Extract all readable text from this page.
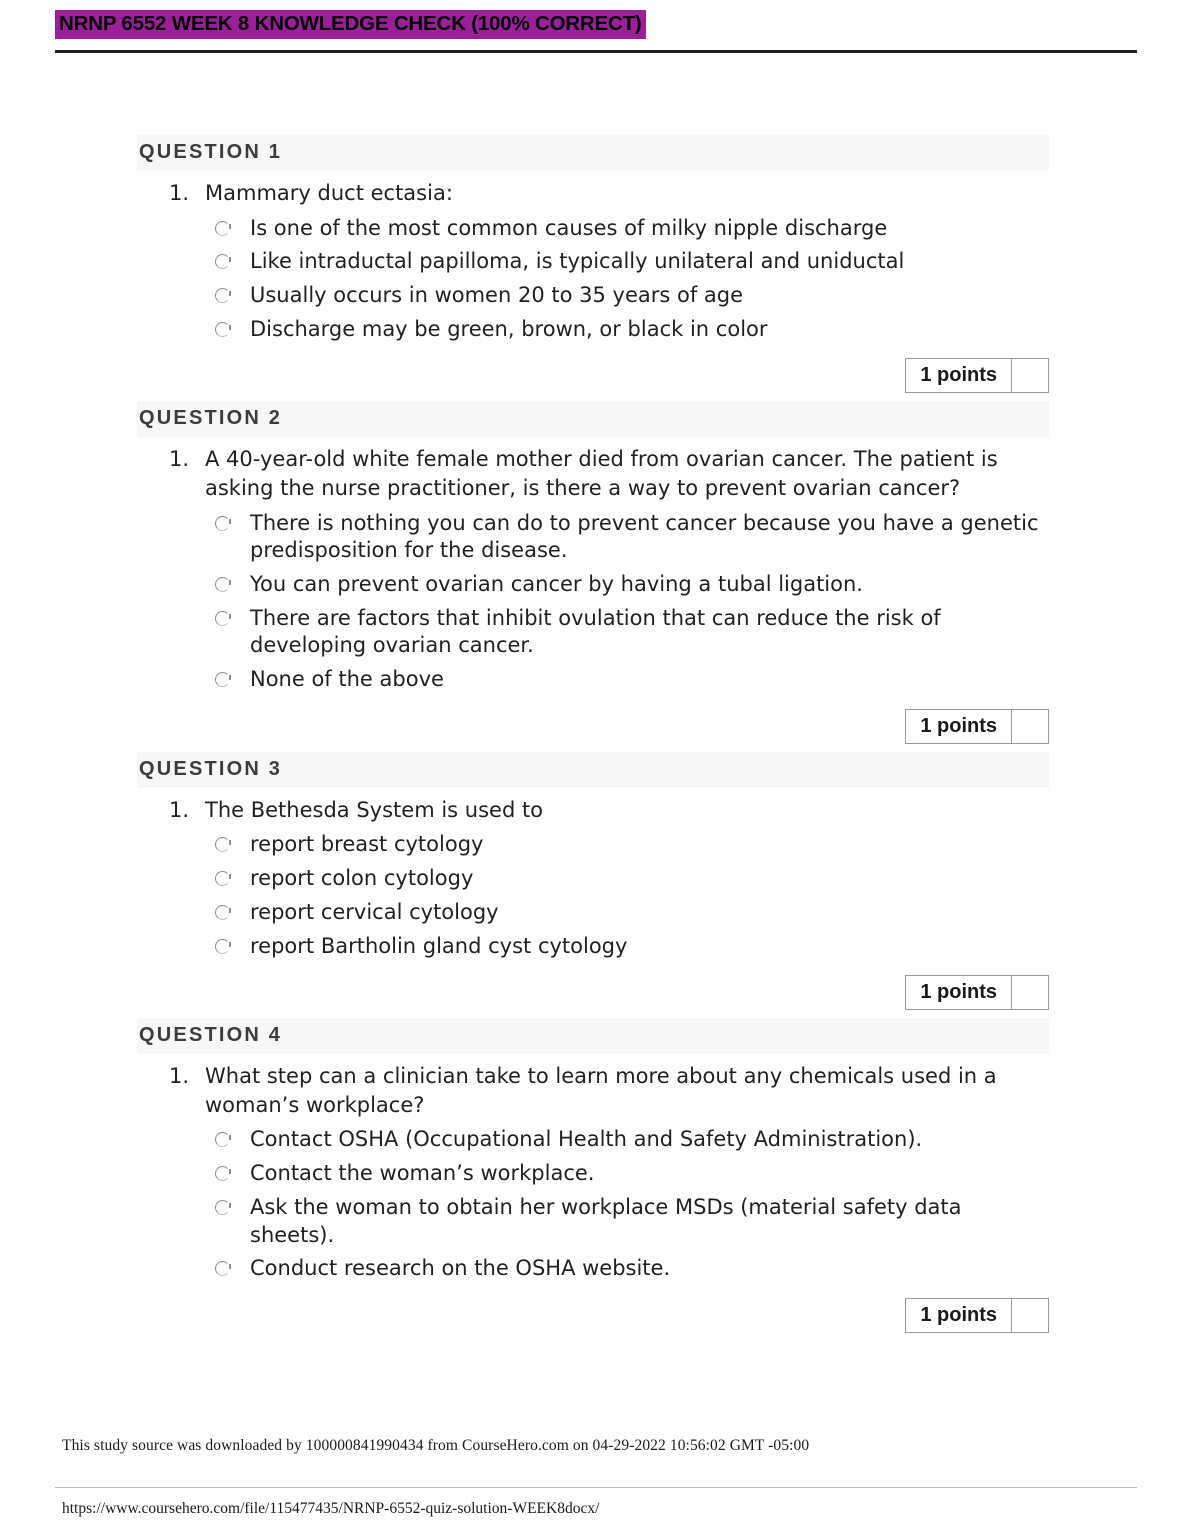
NRNP 6552 WEEK 8 KNOWLEDGE CHECK (100% CORRECT)
QUESTION 1
1. Mammary duct ectasia:
Is one of the most common causes of milky nipple discharge
Like intraductal papilloma, is typically unilateral and uniductal
Usually occurs in women 20 to 35 years of age
Discharge may be green, brown, or black in color
1 points
QUESTION 2
1. A 40-year-old white female mother died from ovarian cancer. The patient is asking the nurse practitioner, is there a way to prevent ovarian cancer?
There is nothing you can do to prevent cancer because you have a genetic predisposition for the disease.
You can prevent ovarian cancer by having a tubal ligation.
There are factors that inhibit ovulation that can reduce the risk of developing ovarian cancer.
None of the above
1 points
QUESTION 3
1. The Bethesda System is used to
report breast cytology
report colon cytology
report cervical cytology
report Bartholin gland cyst cytology
1 points
QUESTION 4
1. What step can a clinician take to learn more about any chemicals used in a woman’s workplace?
Contact OSHA (Occupational Health and Safety Administration).
Contact the woman’s workplace.
Ask the woman to obtain her workplace MSDs (material safety data sheets).
Conduct research on the OSHA website.
1 points
This study source was downloaded by 100000841990434 from CourseHero.com on 04-29-2022 10:56:02 GMT -05:00
https://www.coursehero.com/file/115477435/NRNP-6552-quiz-solution-WEEK8docx/
